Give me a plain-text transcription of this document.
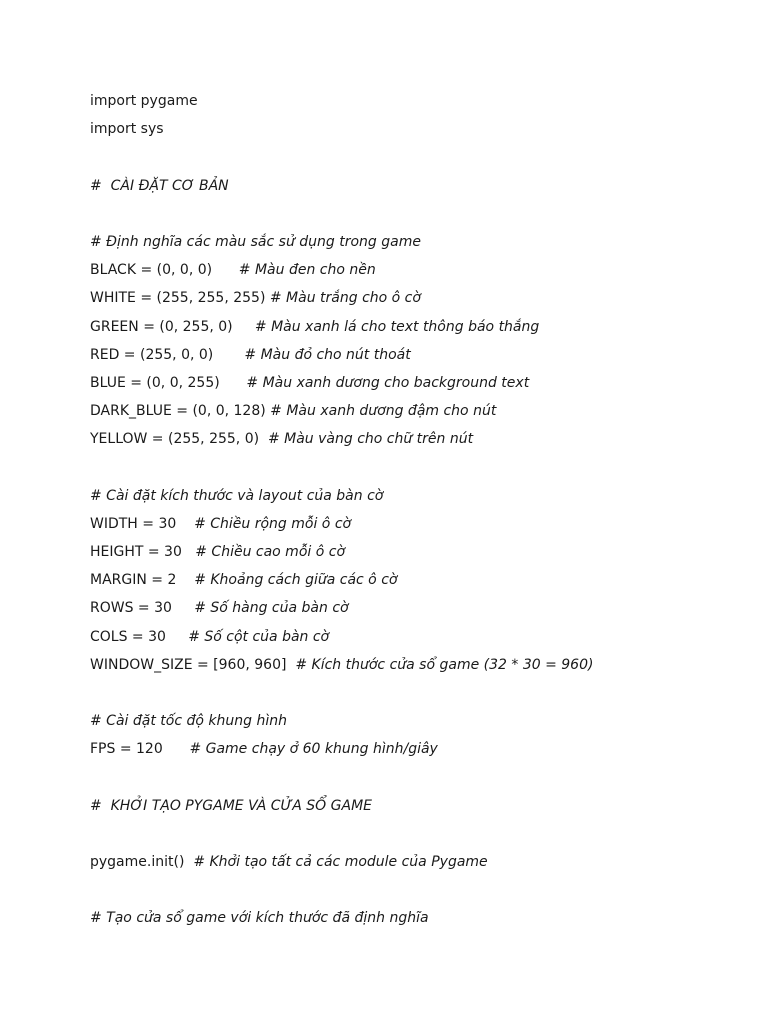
import pygame
import sys
#  CÀI ĐẶT CƠ BẢN
# Định nghĩa các màu sắc sử dụng trong game
BLACK = (0, 0, 0)      # Màu đen cho nền
WHITE = (255, 255, 255) # Màu trắng cho ô cờ
GREEN = (0, 255, 0)     # Màu xanh lá cho text thông báo thắng
RED = (255, 0, 0)       # Màu đỏ cho nút thoát
BLUE = (0, 0, 255)      # Màu xanh dương cho background text
DARK_BLUE = (0, 0, 128) # Màu xanh dương đậm cho nút
YELLOW = (255, 255, 0)  # Màu vàng cho chữ trên nút
# Cài đặt kích thước và layout của bàn cờ
WIDTH = 30    # Chiều rộng mỗi ô cờ
HEIGHT = 30   # Chiều cao mỗi ô cờ
MARGIN = 2    # Khoảng cách giữa các ô cờ
ROWS = 30     # Số hàng của bàn cờ
COLS = 30     # Số cột của bàn cờ
WINDOW_SIZE = [960, 960]  # Kích thước cửa sổ game (32 * 30 = 960)
# Cài đặt tốc độ khung hình
FPS = 120      # Game chạy ở 60 khung hình/giây
#  KHỞI TẠO PYGAME VÀ CỬA SỔ GAME
pygame.init()  # Khởi tạo tất cả các module của Pygame
# Tạo cửa sổ game với kích thước đã định nghĩa
